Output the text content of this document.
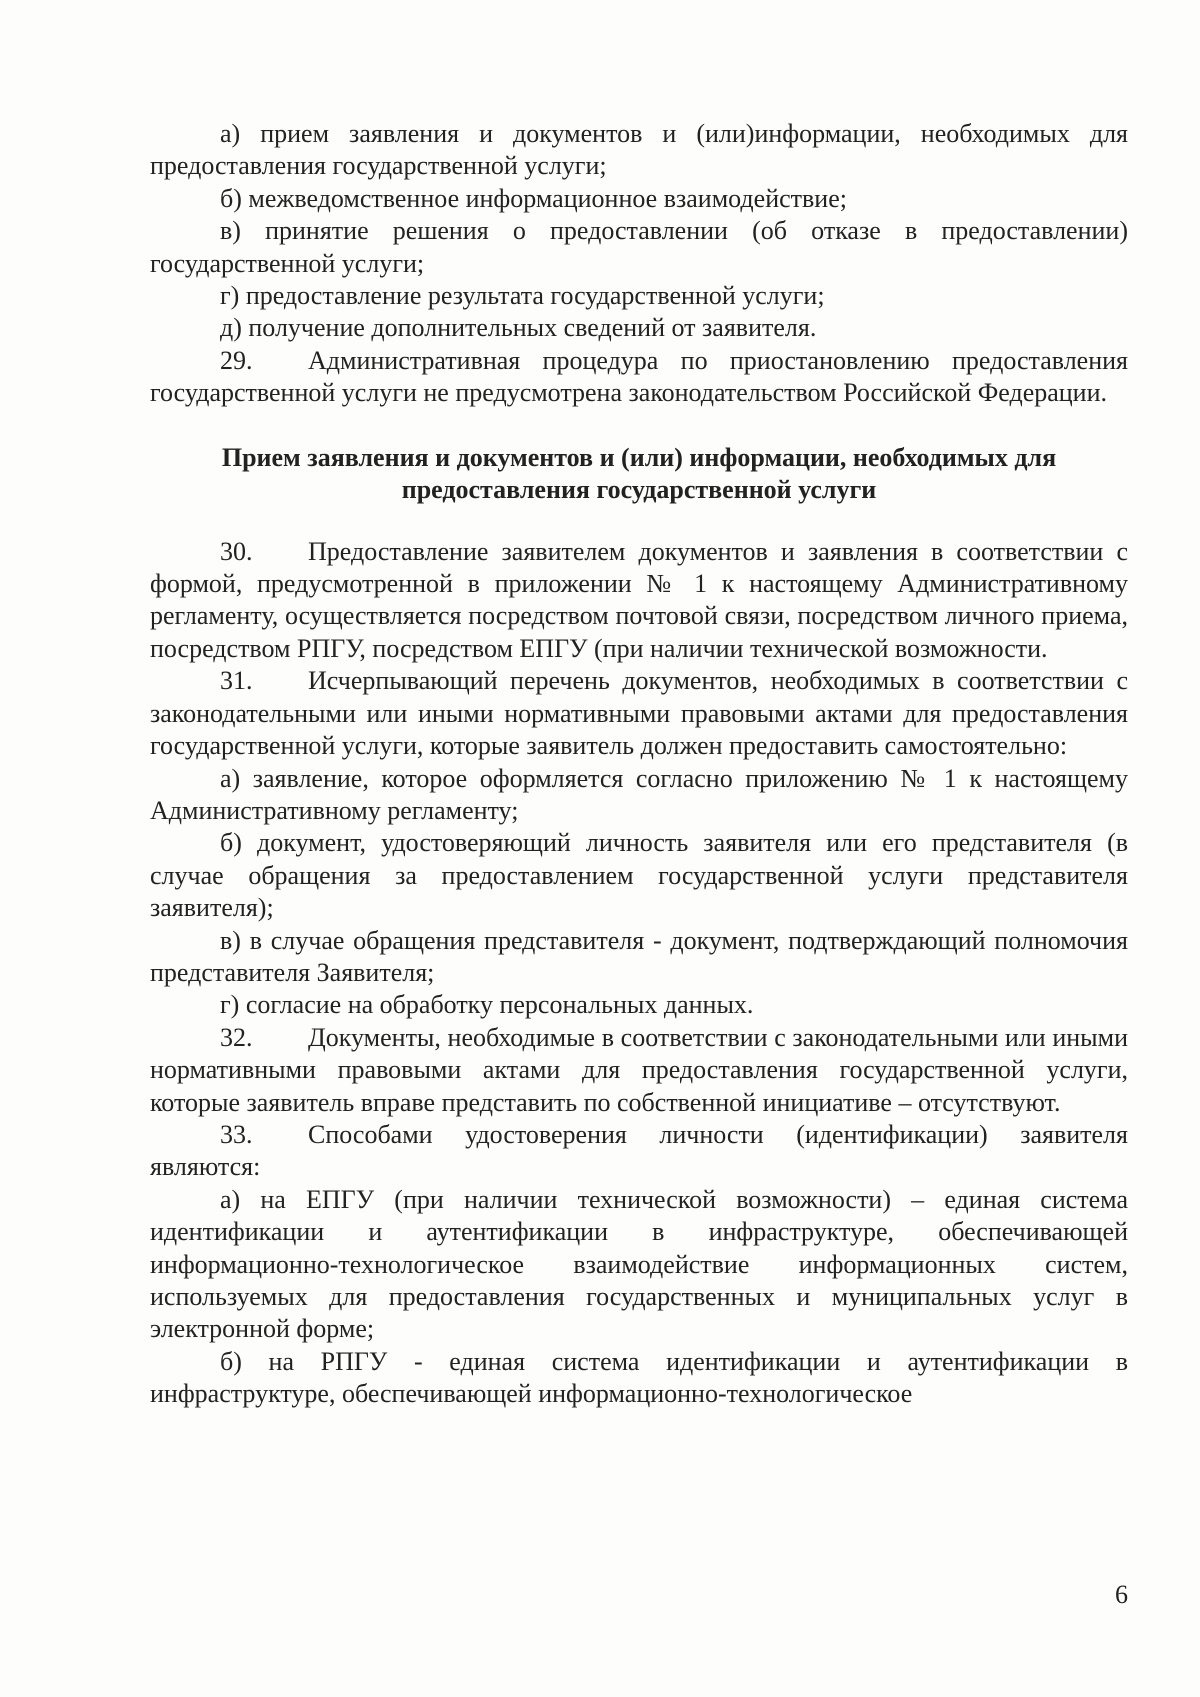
а) прием заявления и документов и (или)информации, необходимых для предоставления государственной услуги;

б) межведомственное информационное взаимодействие;

в) принятие решения о предоставлении (об отказе в предоставлении) государственной услуги;

г) предоставление результата государственной услуги;

д) получение дополнительных сведений от заявителя.

29. Административная процедура по приостановлению предоставления государственной услуги не предусмотрена законодательством Российской Федерации.

Прием заявления и документов и (или) информации, необходимых для
предоставления государственной услуги

30. Предоставление заявителем документов и заявления в соответствии с формой, предусмотренной в приложении № 1 к настоящему Административному регламенту, осуществляется посредством почтовой связи, посредством личного приема, посредством РПГУ, посредством ЕПГУ (при наличии технической возможности.

31. Исчерпывающий перечень документов, необходимых в соответствии с законодательными или иными нормативными правовыми актами для предоставления государственной услуги, которые заявитель должен предоставить самостоятельно:

а) заявление, которое оформляется согласно приложению № 1 к настоящему Административному регламенту;

б) документ, удостоверяющий личность заявителя или его представителя (в случае обращения за предоставлением государственной услуги представителя заявителя);

в) в случае обращения представителя - документ, подтверждающий полномочия представителя Заявителя;

г) согласие на обработку персональных данных.

32. Документы, необходимые в соответствии с законодательными или иными нормативными правовыми актами для предоставления государственной услуги, которые заявитель вправе представить по собственной инициативе – отсутствуют.

33. Способами удостоверения личности (идентификации) заявителя являются:

а) на ЕПГУ (при наличии технической возможности) – единая система идентификации и аутентификации в инфраструктуре, обеспечивающей информационно-технологическое взаимодействие информационных систем, используемых для предоставления государственных и муниципальных услуг в электронной форме;

б) на РПГУ - единая система идентификации и аутентификации в инфраструктуре, обеспечивающей информационно-технологическое

6
